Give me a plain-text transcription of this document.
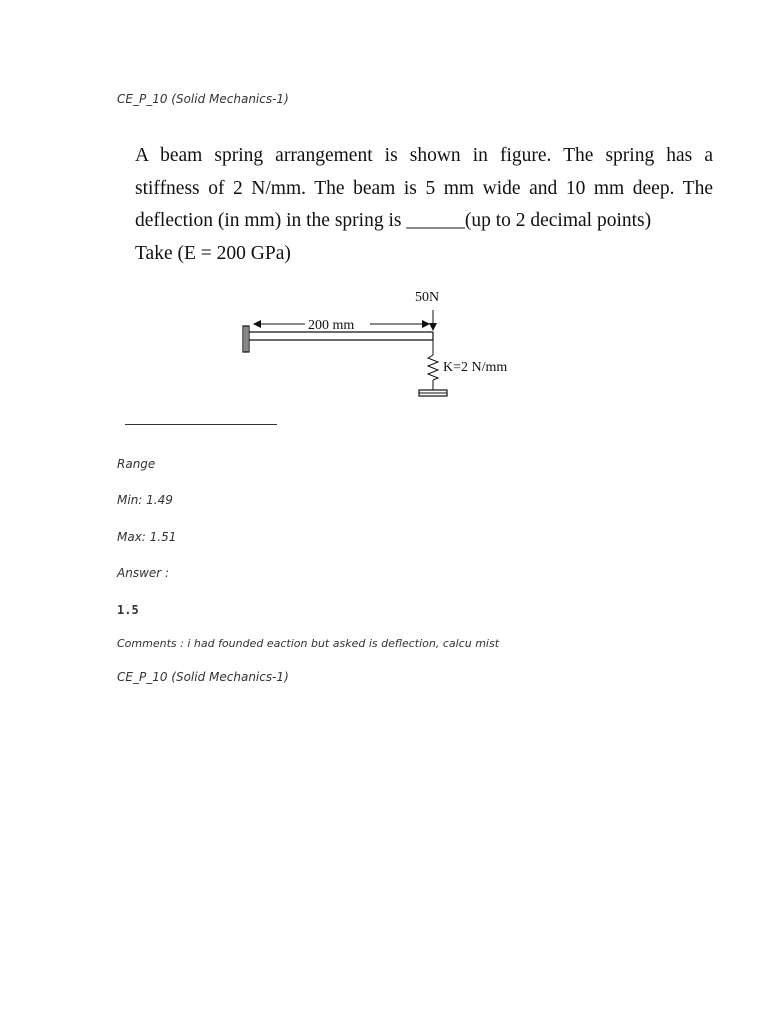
CE_P_10 (Solid Mechanics-1)
A beam spring arrangement is shown in figure. The spring has a
stiffness of 2 N/mm. The beam is 5 mm wide and 10 mm deep. The
deflection (in mm) in the spring is ______(up to 2 decimal points)
Take (E = 200 GPa)
200 mm
50N
K=2 N/mm
Range
Min: 1.49
Max: 1.51
Answer :
1.5
Comments : i had founded eaction but asked is deflection, calcu mist
CE_P_10 (Solid Mechanics-1)
